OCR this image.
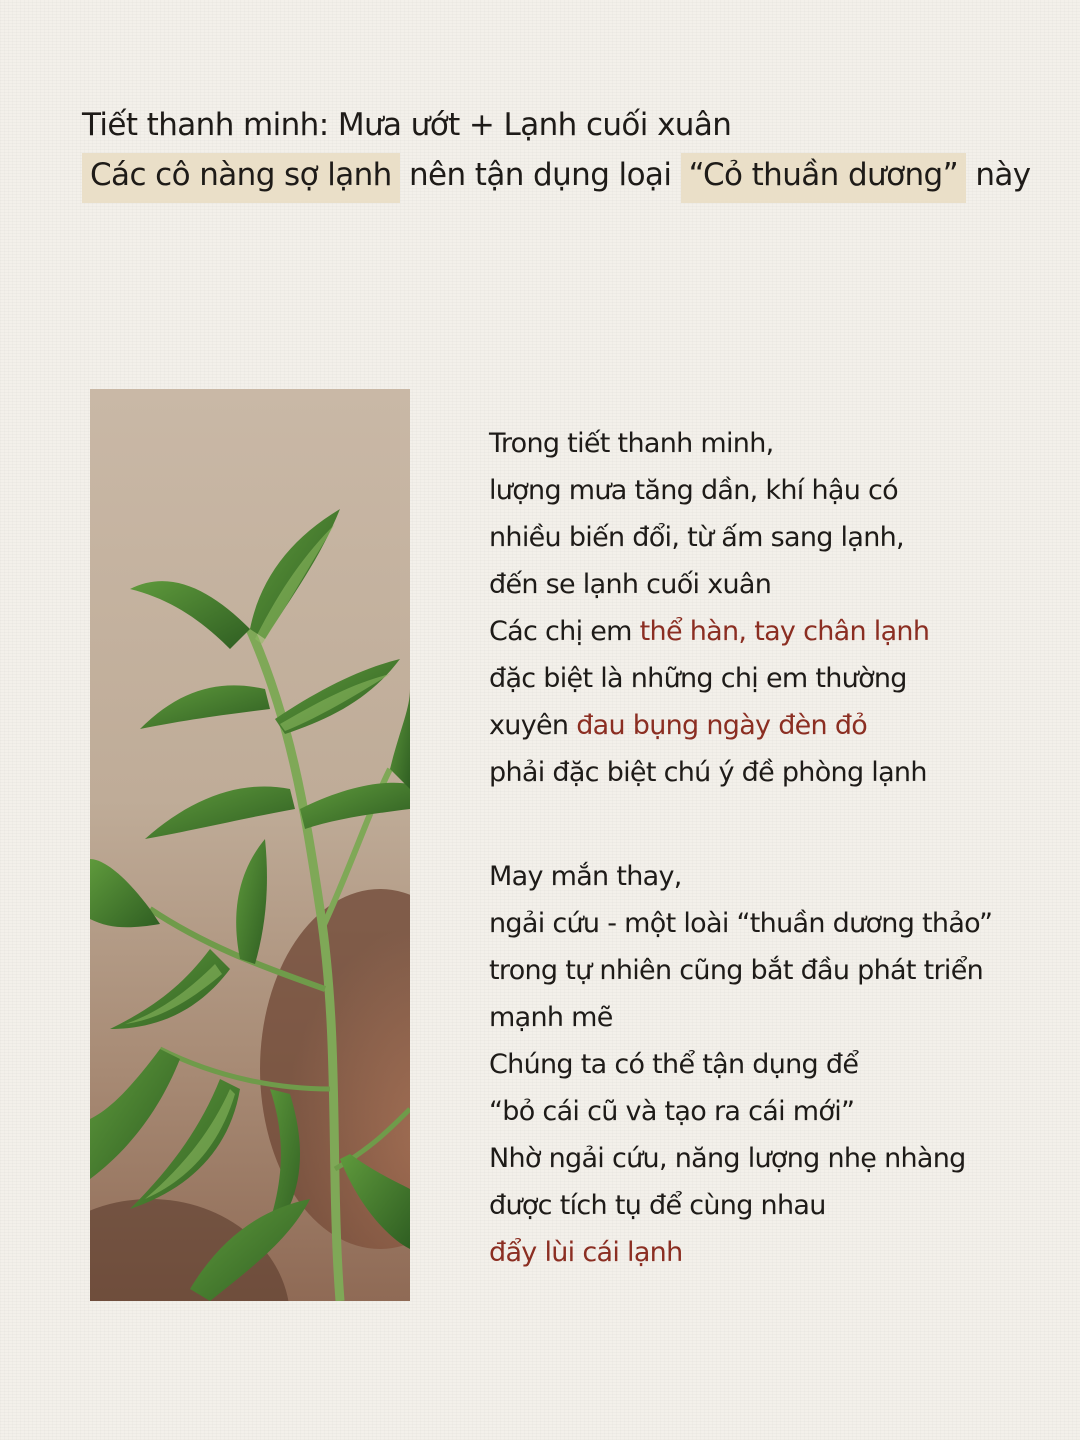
Tiết thanh minh: Mưa ướt + Lạnh cuối xuân
Các cô nàng sợ lạnh nên tận dụng loại “Cỏ thuần dương” này
Trong tiết thanh minh,
lượng mưa tăng dần, khí hậu có
nhiều biến đổi, từ ấm sang lạnh,
đến se lạnh cuối xuân
Các chị em thể hàn, tay chân lạnh
đặc biệt là những chị em thường
xuyên đau bụng ngày đèn đỏ
phải đặc biệt chú ý đề phòng lạnh
May mắn thay,
ngải cứu - một loài “thuần dương thảo”
trong tự nhiên cũng bắt đầu phát triển
mạnh mẽ
Chúng ta có thể tận dụng để
“bỏ cái cũ và tạo ra cái mới”
Nhờ ngải cứu, năng lượng nhẹ nhàng
được tích tụ để cùng nhau
đẩy lùi cái lạnh
